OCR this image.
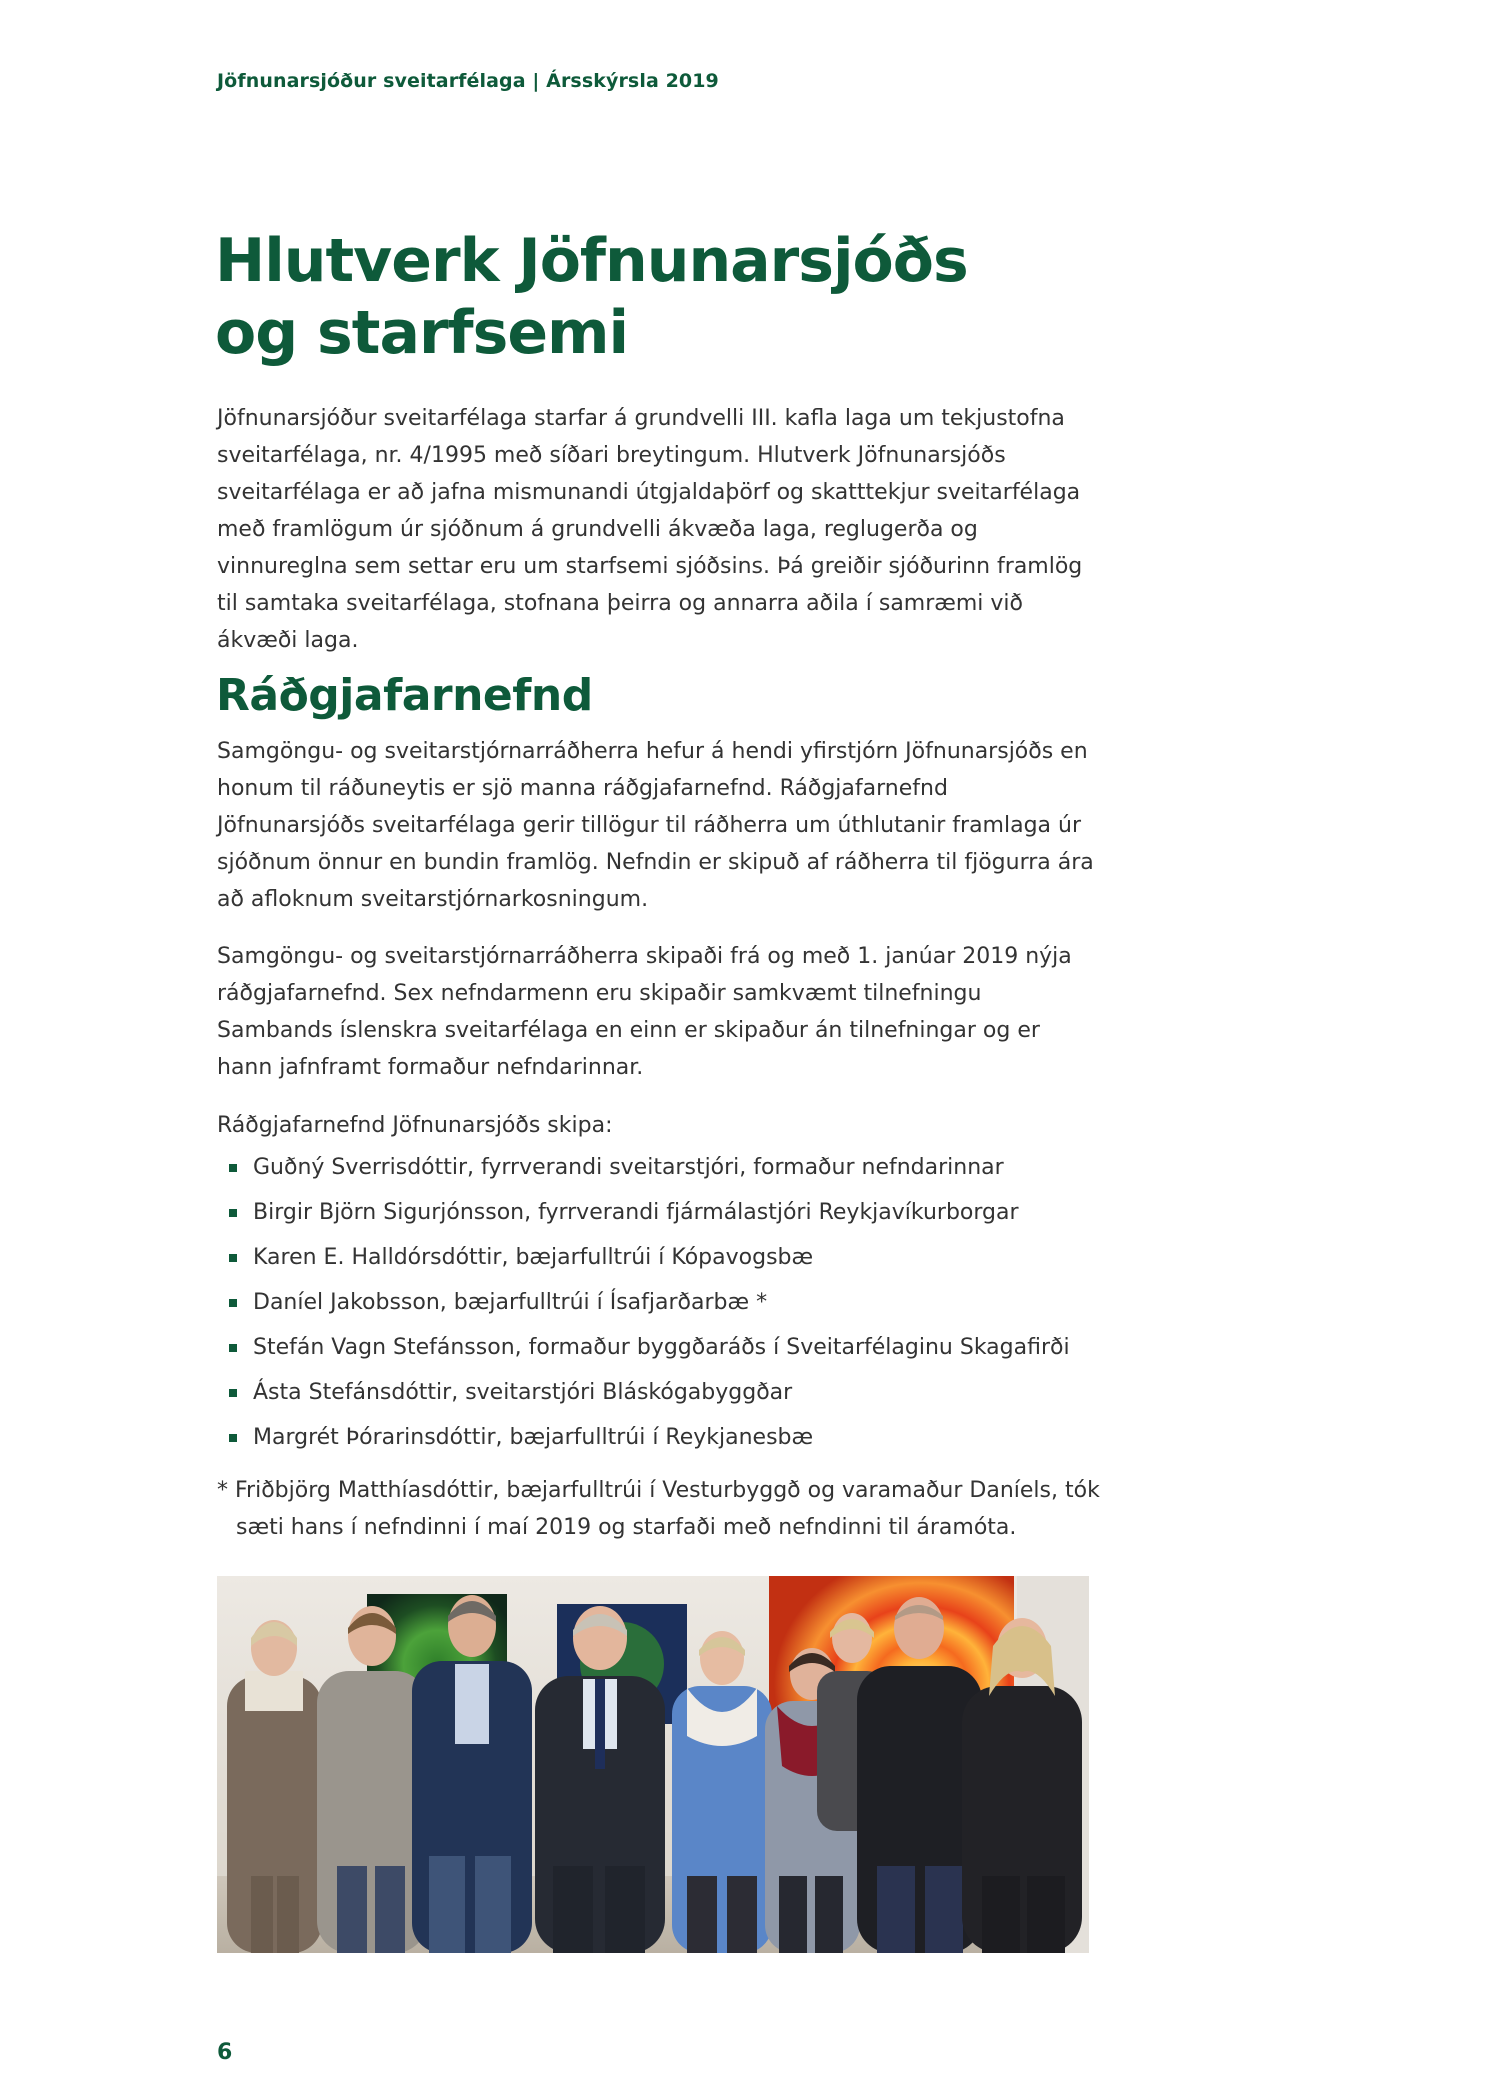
Jöfnunarsjóður sveitarfélaga | Ársskýrsla 2019
Hlutverk Jöfnunarsjóðs
og starfsemi

Jöfnunarsjóður sveitarfélaga starfar á grundvelli III. kafla laga um tekjustofna sveitarfélaga, nr. 4/1995 með síðari breytingum. Hlutverk Jöfnunarsjóðs sveitarfélaga er að jafna mismunandi útgjaldaþörf og skatttekjur sveitarfélaga með framlögum úr sjóðnum á grundvelli ákvæða laga, reglugerða og vinnureglna sem settar eru um starfsemi sjóðsins. Þá greiðir sjóðurinn framlög til samtaka sveitarfélaga, stofnana þeirra og annarra aðila í samræmi við ákvæði laga.

Ráðgjafarnefnd

Samgöngu- og sveitarstjórnarráðherra hefur á hendi yfirstjórn Jöfnunarsjóðs en honum til ráðuneytis er sjö manna ráðgjafarnefnd. Ráðgjafarnefnd Jöfnunarsjóðs sveitarfélaga gerir tillögur til ráðherra um úthlutanir framlaga úr sjóðnum önnur en bundin framlög. Nefndin er skipuð af ráðherra til fjögurra ára að afloknum sveitarstjórnarkosningum.

Samgöngu- og sveitarstjórnarráðherra skipaði frá og með 1. janúar 2019 nýja ráðgjafarnefnd. Sex nefndarmenn eru skipaðir samkvæmt tilnefningu Sambands íslenskra sveitarfélaga en einn er skipaður án tilnefningar og er hann jafnframt formaður nefndarinnar.

Ráðgjafarnefnd Jöfnunarsjóðs skipa:

Guðný Sverrisdóttir, fyrrverandi sveitarstjóri, formaður nefndarinnar
Birgir Björn Sigurjónsson, fyrrverandi fjármálastjóri Reykjavíkurborgar
Karen E. Halldórsdóttir, bæjarfulltrúi í Kópavogsbæ
Daníel Jakobsson, bæjarfulltrúi í Ísafjarðarbæ *
Stefán Vagn Stefánsson, formaður byggðaráðs í Sveitarfélaginu Skagafirði
Ásta Stefánsdóttir, sveitarstjóri Bláskógabyggðar
Margrét Þórarinsdóttir, bæjarfulltrúi í Reykjanesbæ

* Friðbjörg Matthíasdóttir, bæjarfulltrúi í Vesturbyggð og varamaður Daníels, tók
sæti hans í nefndinni í maí 2019 og starfaði með nefndinni til áramóta.

6
